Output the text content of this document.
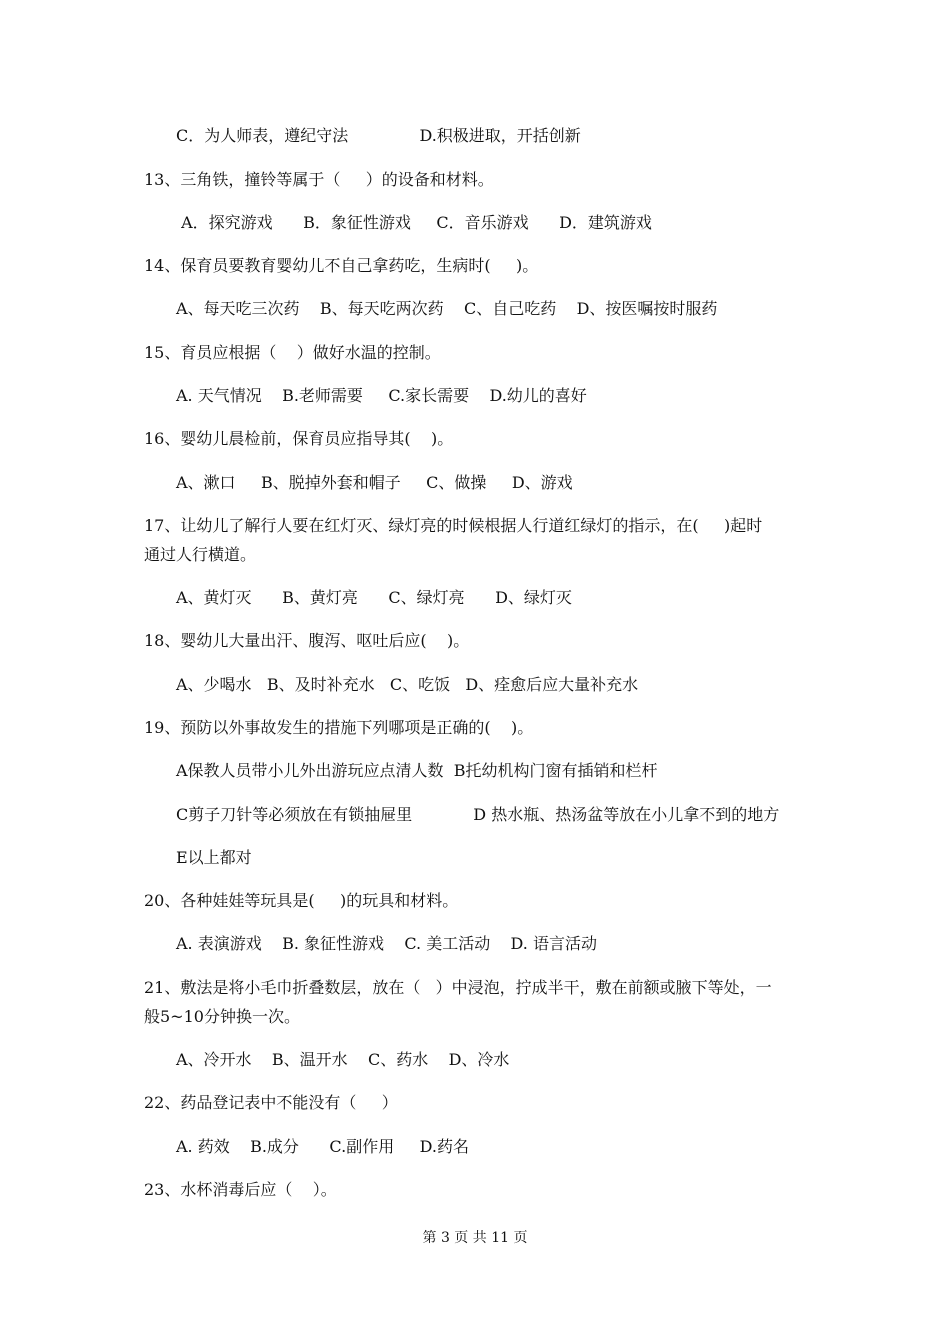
C．为人师表，遵纪守法              D.积极进取，开括创新
13、三角铁，撞铃等属于（     ）的设备和材料。
A．探究游戏      B．象征性游戏     C．音乐游戏      D．建筑游戏
14、保育员要教育婴幼儿不自己拿药吃，生病时(     )。
A、每天吃三次药    B、每天吃两次药    C、自己吃药    D、按医嘱按时服药
15、育员应根据（    ）做好水温的控制。
A. 天气情况    B.老师需要     C.家长需要    D.幼儿的喜好
16、婴幼儿晨检前，保育员应指导其(    )。
A、漱口     B、脱掉外套和帽子     C、做操     D、游戏
17、让幼儿了解行人要在红灯灭、绿灯亮的时候根据人行道红绿灯的指示，在(     )起时
通过人行横道。
A、黄灯灭      B、黄灯亮      C、绿灯亮      D、绿灯灭
18、婴幼儿大量出汗、腹泻、呕吐后应(    )。
A、少喝水   B、及时补充水   C、吃饭   D、痊愈后应大量补充水
19、预防以外事故发生的措施下列哪项是正确的(    )。
A保教人员带小儿外出游玩应点清人数  B托幼机构门窗有插销和栏杆
C剪子刀针等必须放在有锁抽屉里            D 热水瓶、热汤盆等放在小儿拿不到的地方
E以上都对
20、各种娃娃等玩具是(     )的玩具和材料。
A. 表演游戏    B. 象征性游戏    C. 美工活动    D. 语言活动
21、敷法是将小毛巾折叠数层，放在（   ）中浸泡，拧成半干，敷在前额或腋下等处，一
般5~10分钟换一次。
A、冷开水    B、温开水    C、药水    D、冷水
22、药品登记表中不能没有（     ）
A. 药效    B.成分      C.副作用     D.药名
23、水杯消毒后应（    ）。
第 3 页 共 11 页
